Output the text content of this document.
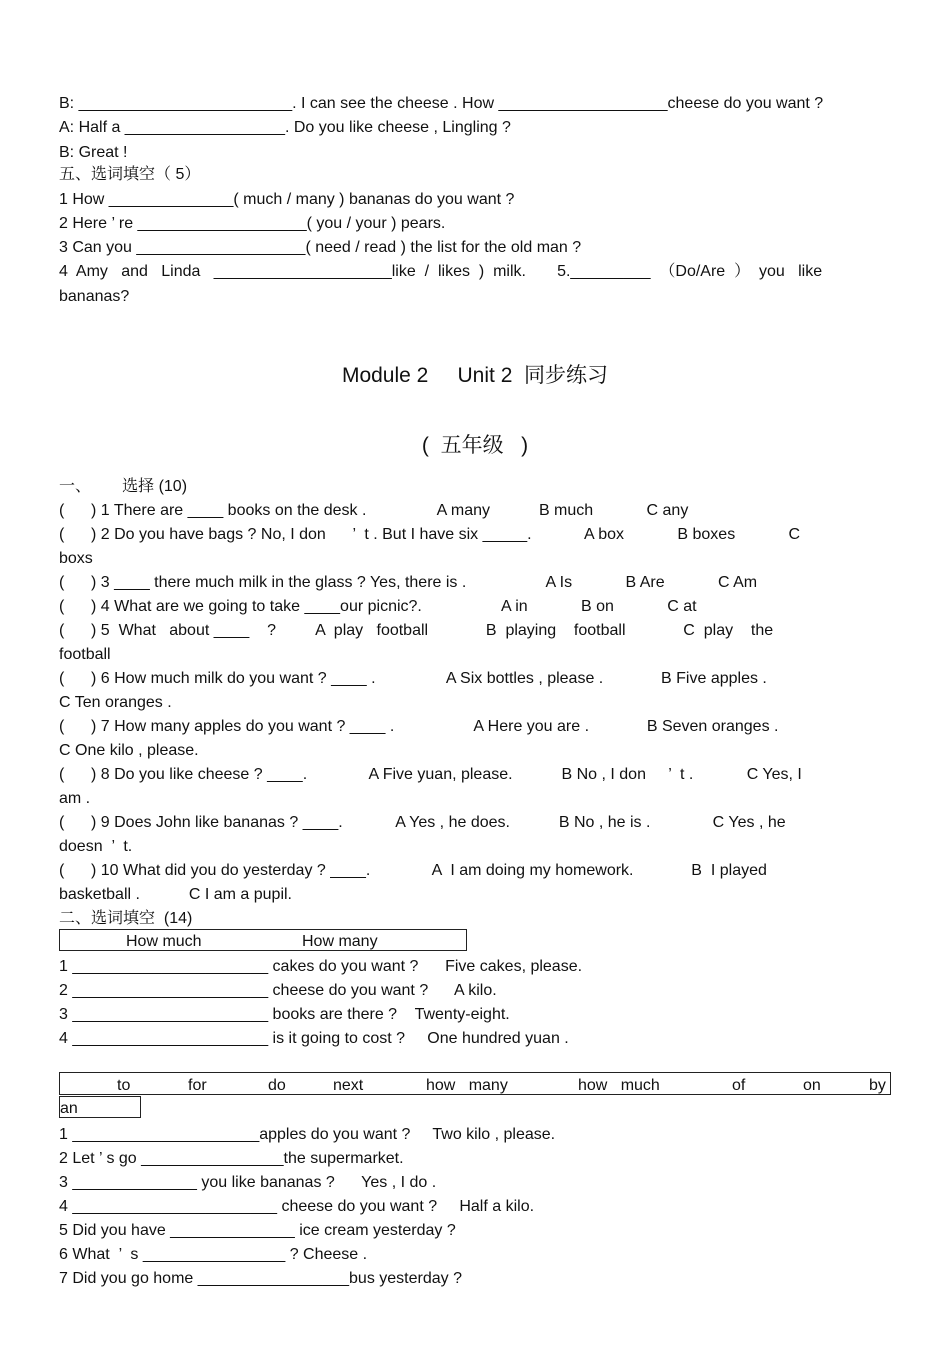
B: ________________________. I can see the cheese . How ___________________cheese do you want ?
A: Half a __________________. Do you like cheese , Lingling ?
B: Great !
五、选词填空（ 5）
1 How ______________( much / many ) bananas do you want ?
2 Here ’ re ___________________( you / your ) pears.
3 Can you ___________________( need / read ) the list for the old man ?
4  Amy   and   Linda   ____________________like  /  likes  )  milk.       5._________  （Do/Are  ）  you   like
bananas?
Module 2     Unit 2  同步练习
(  五年级   )
一、       选择 (10)
(      ) 1 There are ____ books on the desk .                A many           B much            C any
(      ) 2 Do you have bags ? No, I don      ’  t . But I have six _____.            A box            B boxes            C
boxs
(      ) 3 ____ there much milk in the glass ? Yes, there is .                  A Is            B Are            C Am
(      ) 4 What are we going to take ____our picnic?.                  A in            B on            C at
(      ) 5  What   about ____    ?         A  play   football             B  playing    football             C  play    the
football
(      ) 6 How much milk do you want ? ____ .                A Six bottles , please .             B Five apples .
C Ten oranges .
(      ) 7 How many apples do you want ? ____ .                  A Here you are .             B Seven oranges .
C One kilo , please.
(      ) 8 Do you like cheese ? ____.              A Five yuan, please.           B No , I don     ’  t .            C Yes, I
am .
(      ) 9 Does John like bananas ? ____.            A Yes , he does.           B No , he is .              C Yes , he
doesn  ’  t.
(      ) 10 What did you do yesterday ? ____.              A  I am doing my homework.             B  I played
basketball .           C I am a pupil.
二、选词填空  (14)
How much	How many
1 ______________________ cakes do you want ?      Five cakes, please.
2 ______________________ cheese do you want ?      A kilo.
3 ______________________ books are there ?    Twenty-eight.
4 ______________________ is it going to cost ?     One hundred yuan .
to	for	do	next	how   many	how   much	of	on	by
an
1 _____________________apples do you want ?     Two kilo , please.
2 Let ’ s go ________________the supermarket.
3 ______________ you like bananas ?      Yes , I do .
4 _______________________ cheese do you want ?     Half a kilo.
5 Did you have ______________ ice cream yesterday ?
6 What  ’  s ________________ ? Cheese .
7 Did you go home _________________bus yesterday ?
